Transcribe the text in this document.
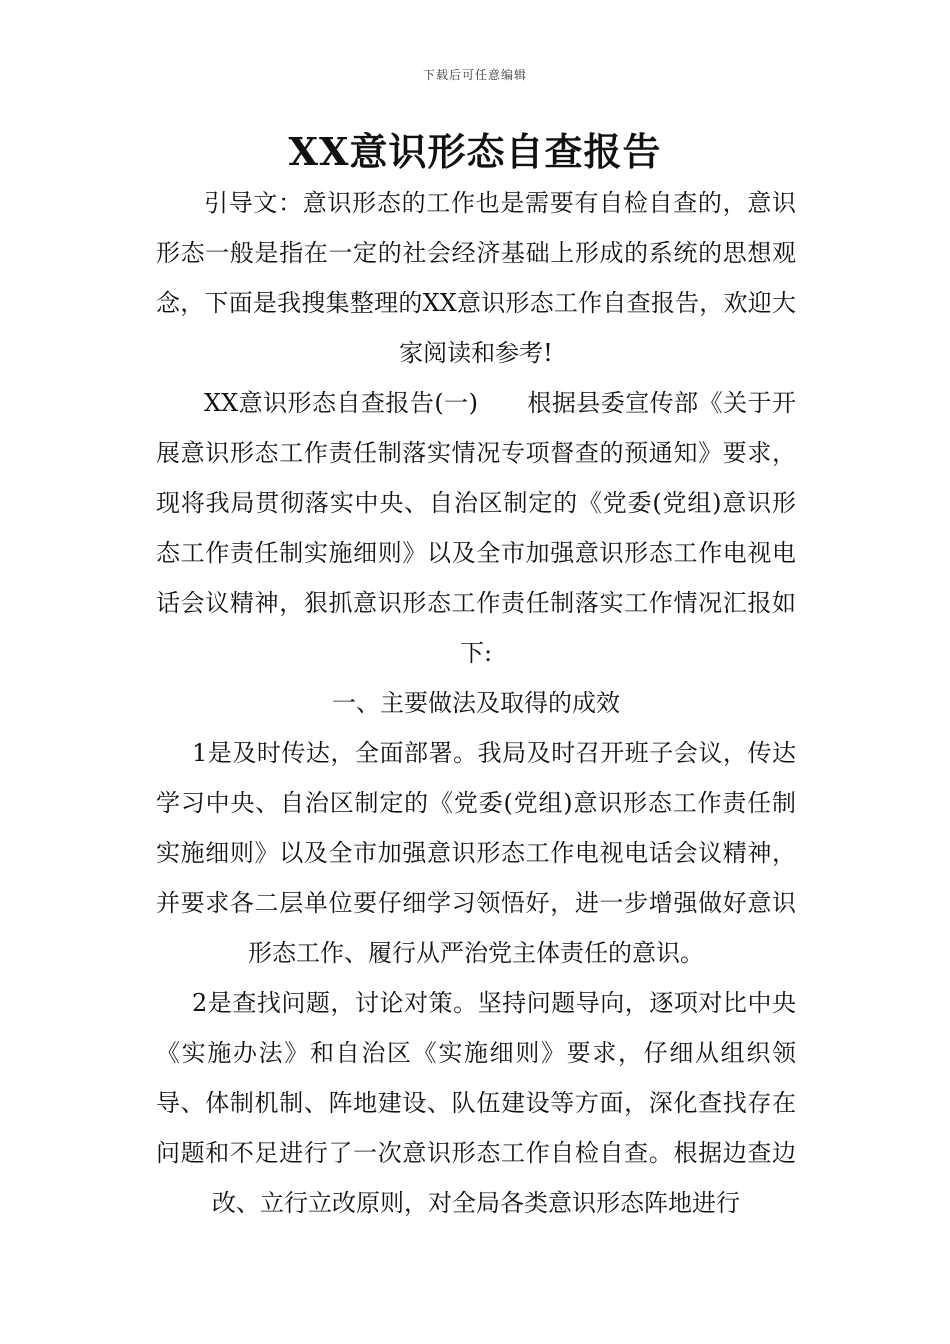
下载后可任意编辑
XX意识形态自查报告

引导文：意识形态的工作也是需要有自检自查的，意识形态一般是指在一定的社会经济基础上形成的系统的思想观念，下面是我搜集整理的XX意识形态工作自查报告，欢迎大家阅读和参考!

XX意识形态自查报告(一)　　根据县委宣传部《关于开展意识形态工作责任制落实情况专项督查的预通知》要求，现将我局贯彻落实中央、自治区制定的《党委(党组)意识形态工作责任制实施细则》以及全市加强意识形态工作电视电话会议精神，狠抓意识形态工作责任制落实工作情况汇报如下:

一、主要做法及取得的成效

1是及时传达，全面部署。我局及时召开班子会议，传达学习中央、自治区制定的《党委(党组)意识形态工作责任制实施细则》以及全市加强意识形态工作电视电话会议精神，并要求各二层单位要仔细学习领悟好，进一步增强做好意识形态工作、履行从严治党主体责任的意识。

2是查找问题，讨论对策。坚持问题导向，逐项对比中央《实施办法》和自治区《实施细则》要求，仔细从组织领导、体制机制、阵地建设、队伍建设等方面，深化查找存在问题和不足进行了一次意识形态工作自检自查。根据边查边改、立行立改原则，对全局各类意识形态阵地进行
